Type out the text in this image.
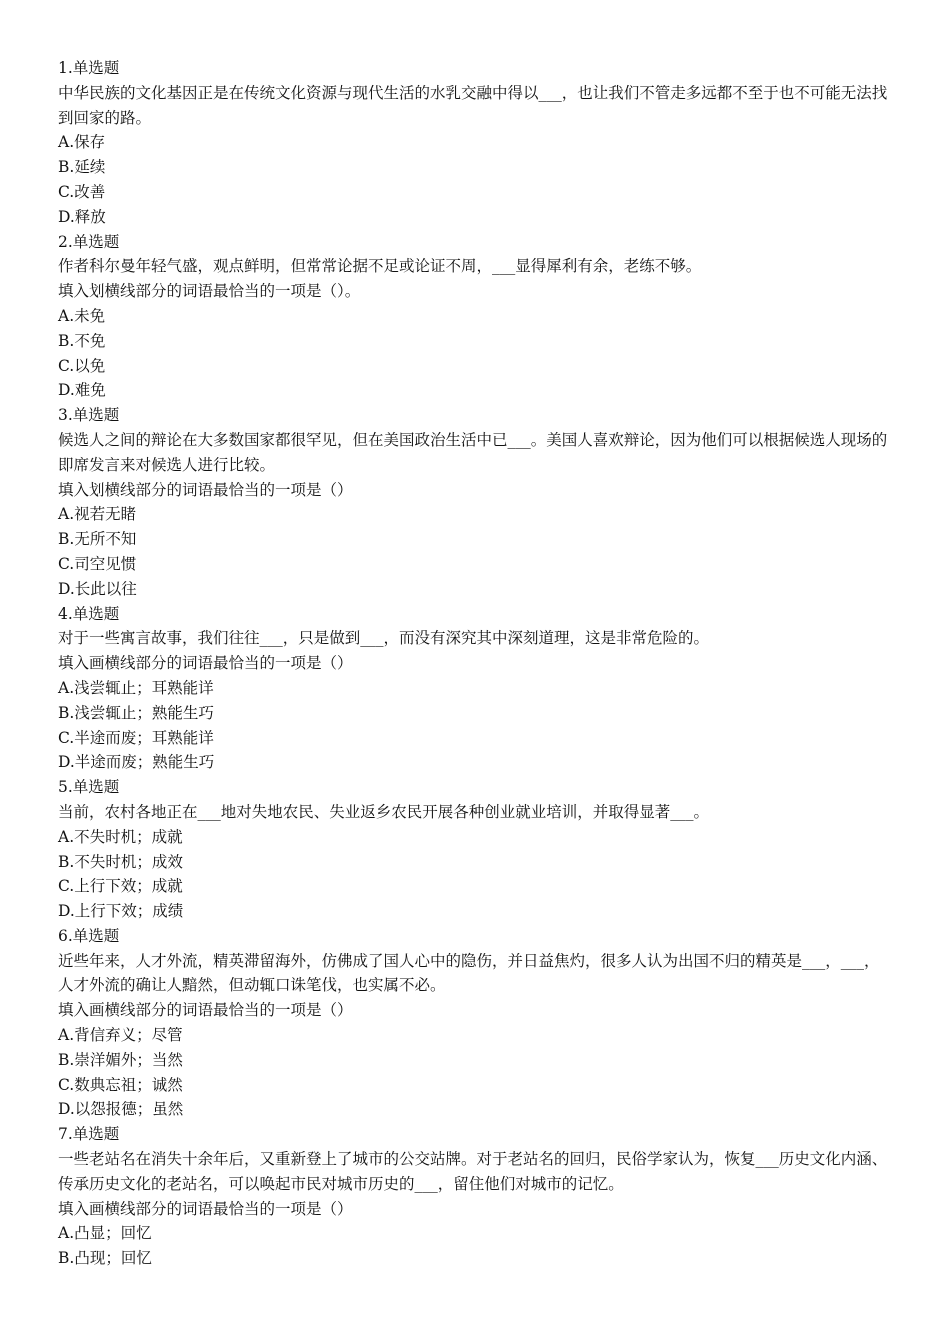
1.单选题
中华民族的文化基因正是在传统文化资源与现代生活的水乳交融中得以___，也让我们不管走多远都不至于也不可能无法找到回家的路。
A.保存
B.延续
C.改善
D.释放
2.单选题
作者科尔曼年轻气盛，观点鲜明，但常常论据不足或论证不周，___显得犀利有余，老练不够。
填入划横线部分的词语最恰当的一项是（）。
A.未免
B.不免
C.以免
D.难免
3.单选题
候选人之间的辩论在大多数国家都很罕见，但在美国政治生活中已___。美国人喜欢辩论，因为他们可以根据候选人现场的即席发言来对候选人进行比较。
填入划横线部分的词语最恰当的一项是（）
A.视若无睹
B.无所不知
C.司空见惯
D.长此以往
4.单选题
对于一些寓言故事，我们往往___，只是做到___，而没有深究其中深刻道理，这是非常危险的。
填入画横线部分的词语最恰当的一项是（）
A.浅尝辄止；耳熟能详
B.浅尝辄止；熟能生巧
C.半途而废；耳熟能详
D.半途而废；熟能生巧
5.单选题
当前，农村各地正在___地对失地农民、失业返乡农民开展各种创业就业培训，并取得显著___。
A.不失时机；成就
B.不失时机；成效
C.上行下效；成就
D.上行下效；成绩
6.单选题
近些年来，人才外流，精英滞留海外，仿佛成了国人心中的隐伤，并日益焦灼，很多人认为出国不归的精英是___，___，人才外流的确让人黯然，但动辄口诛笔伐，也实属不必。
填入画横线部分的词语最恰当的一项是（）
A.背信弃义；尽管
B.崇洋媚外；当然
C.数典忘祖；诚然
D.以怨报德；虽然
7.单选题
一些老站名在消失十余年后，又重新登上了城市的公交站牌。对于老站名的回归，民俗学家认为，恢复___历史文化内涵、传承历史文化的老站名，可以唤起市民对城市历史的___，留住他们对城市的记忆。
填入画横线部分的词语最恰当的一项是（）
A.凸显；回忆
B.凸现；回忆
